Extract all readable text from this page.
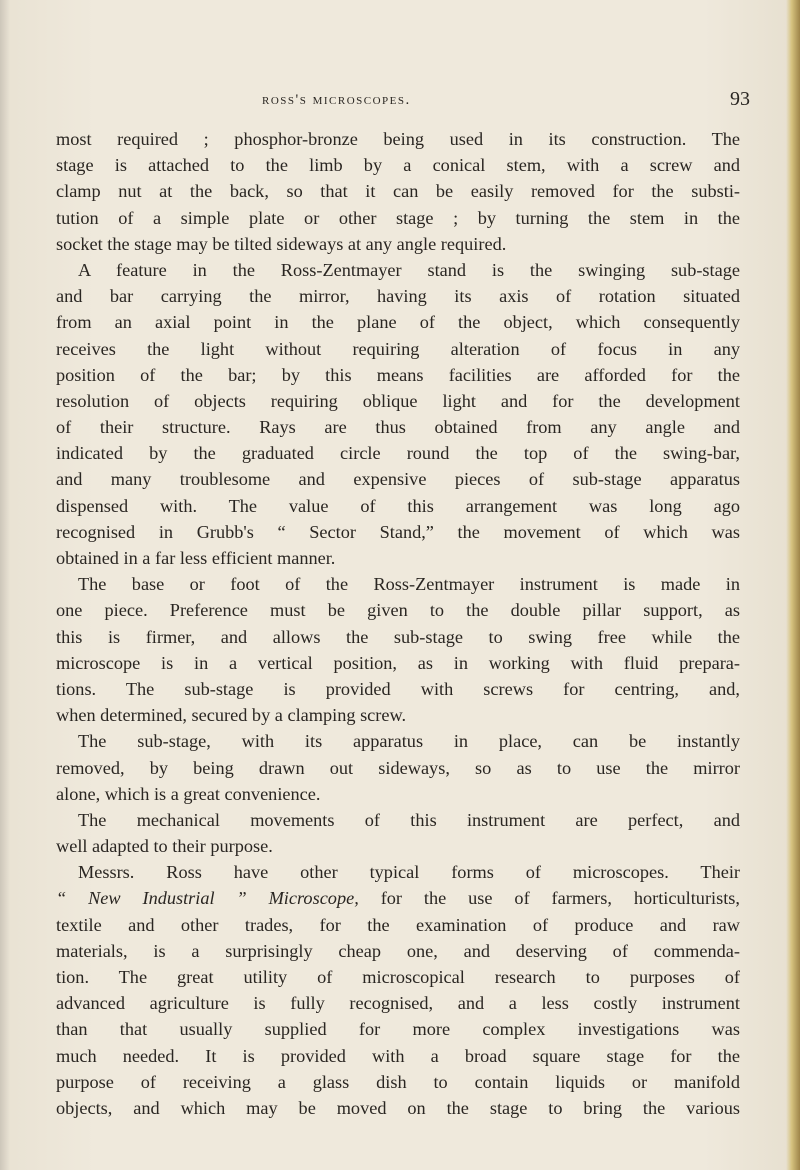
ross's microscopes.	93
most required ; phosphor-bronze being used in its construction. The
stage is attached to the limb by a conical stem, with a screw and
clamp nut at the back, so that it can be easily removed for the substi-
tution of a simple plate or other stage ; by turning the stem in the
socket the stage may be tilted sideways at any angle required.
A feature in the Ross-Zentmayer stand is the swinging sub-stage
and bar carrying the mirror, having its axis of rotation situated
from an axial point in the plane of the object, which consequently
receives the light without requiring alteration of focus in any
position of the bar; by this means facilities are afforded for the
resolution of objects requiring oblique light and for the development
of their structure. Rays are thus obtained from any angle and
indicated by the graduated circle round the top of the swing-bar,
and many troublesome and expensive pieces of sub-stage apparatus
dispensed with. The value of this arrangement was long ago
recognised in Grubb's “ Sector Stand,” the movement of which was
obtained in a far less efficient manner.
The base or foot of the Ross-Zentmayer instrument is made in
one piece. Preference must be given to the double pillar support, as
this is firmer, and allows the sub-stage to swing free while the
microscope is in a vertical position, as in working with fluid prepara-
tions. The sub-stage is provided with screws for centring, and,
when determined, secured by a clamping screw.
The sub-stage, with its apparatus in place, can be instantly
removed, by being drawn out sideways, so as to use the mirror
alone, which is a great convenience.
The mechanical movements of this instrument are perfect, and
well adapted to their purpose.
Messrs. Ross have other typical forms of microscopes. Their
“ New Industrial ” Microscope, for the use of farmers, horticulturists,
textile and other trades, for the examination of produce and raw
materials, is a surprisingly cheap one, and deserving of commenda-
tion. The great utility of microscopical research to purposes of
advanced agriculture is fully recognised, and a less costly instrument
than that usually supplied for more complex investigations was
much needed. It is provided with a broad square stage for the
purpose of receiving a glass dish to contain liquids or manifold
objects, and which may be moved on the stage to bring the various
